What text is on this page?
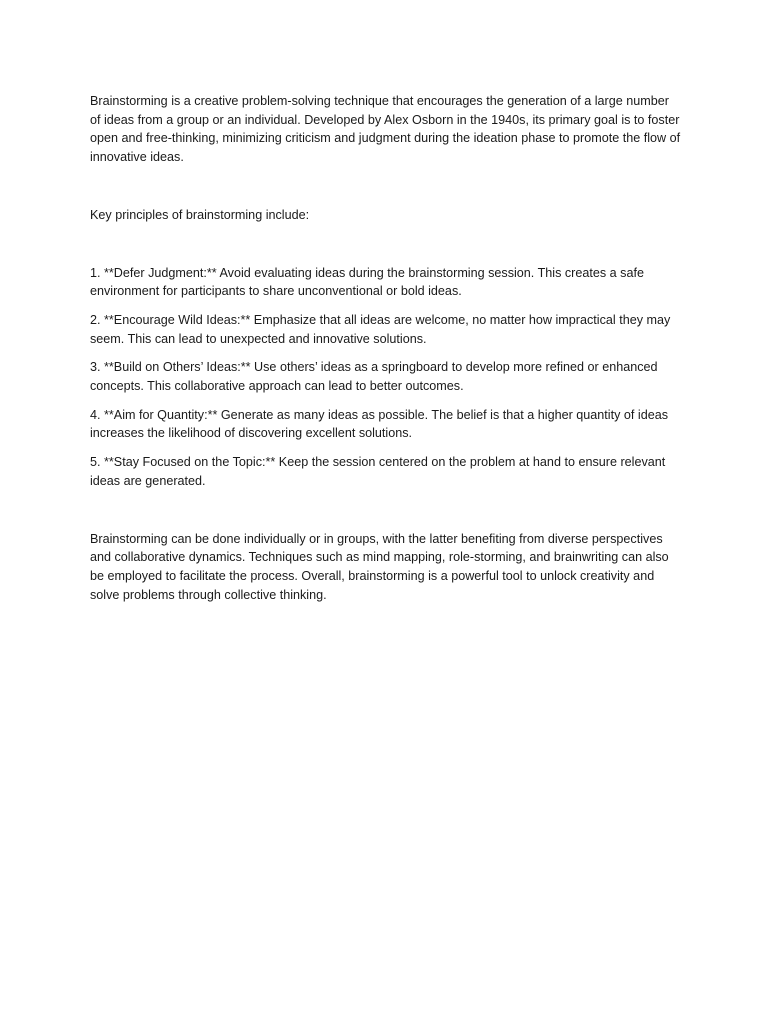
Brainstorming is a creative problem-solving technique that encourages the generation of a large number of ideas from a group or an individual. Developed by Alex Osborn in the 1940s, its primary goal is to foster open and free-thinking, minimizing criticism and judgment during the ideation phase to promote the flow of innovative ideas.

Key principles of brainstorming include:

1. **Defer Judgment:** Avoid evaluating ideas during the brainstorming session. This creates a safe environment for participants to share unconventional or bold ideas.

2. **Encourage Wild Ideas:** Emphasize that all ideas are welcome, no matter how impractical they may seem. This can lead to unexpected and innovative solutions.

3. **Build on Others’ Ideas:** Use others’ ideas as a springboard to develop more refined or enhanced concepts. This collaborative approach can lead to better outcomes.

4. **Aim for Quantity:** Generate as many ideas as possible. The belief is that a higher quantity of ideas increases the likelihood of discovering excellent solutions.

5. **Stay Focused on the Topic:** Keep the session centered on the problem at hand to ensure relevant ideas are generated.

Brainstorming can be done individually or in groups, with the latter benefiting from diverse perspectives and collaborative dynamics. Techniques such as mind mapping, role-storming, and brainwriting can also be employed to facilitate the process. Overall, brainstorming is a powerful tool to unlock creativity and solve problems through collective thinking.
